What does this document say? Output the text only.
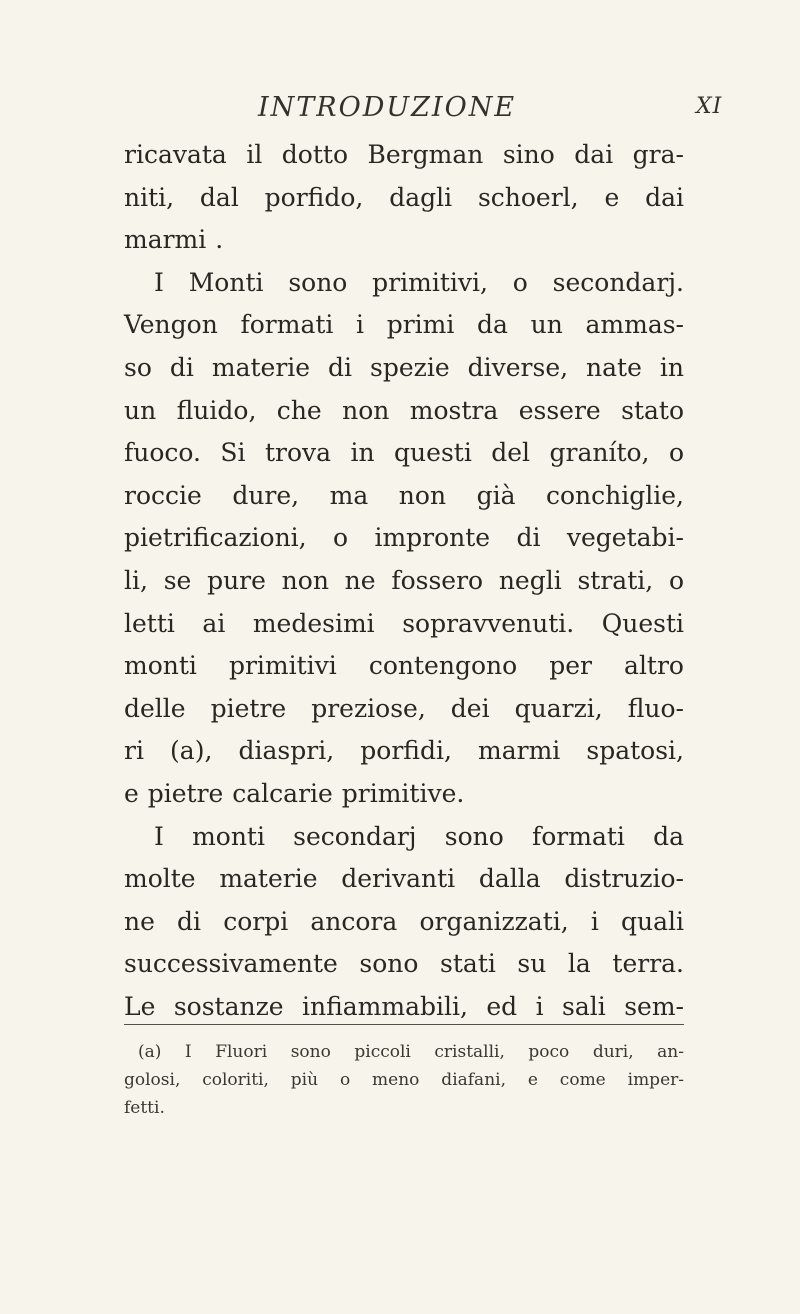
INTRODUZIONE	XI
ricavata il dotto Bergman sino dai gra-
niti, dal porfido, dagli schoerl, e dai
marmi .
I Monti sono primitivi, o secondarj.
Vengon formati i primi da un ammas-
so di materie di spezie diverse, nate in
un fluido, che non mostra essere stato
fuoco. Si trova in questi del graníto, o
roccie dure, ma non già conchiglie,
pietrificazioni, o impronte di vegetabi-
li, se pure non ne fossero negli strati, o
letti ai medesimi sopravvenuti. Questi
monti primitivi contengono per altro
delle pietre preziose, dei quarzi, fluo-
ri (a), diaspri, porfidi, marmi spatosi,
e pietre calcarie primitive.
I monti secondarj sono formati da
molte materie derivanti dalla distruzio-
ne di corpi ancora organizzati, i quali
successivamente sono stati su la terra.
Le sostanze infiammabili, ed i sali sem-
(a) I Fluori sono piccoli cristalli, poco duri, an-
golosi, coloriti, più o meno diafani, e come imper-
fetti.
